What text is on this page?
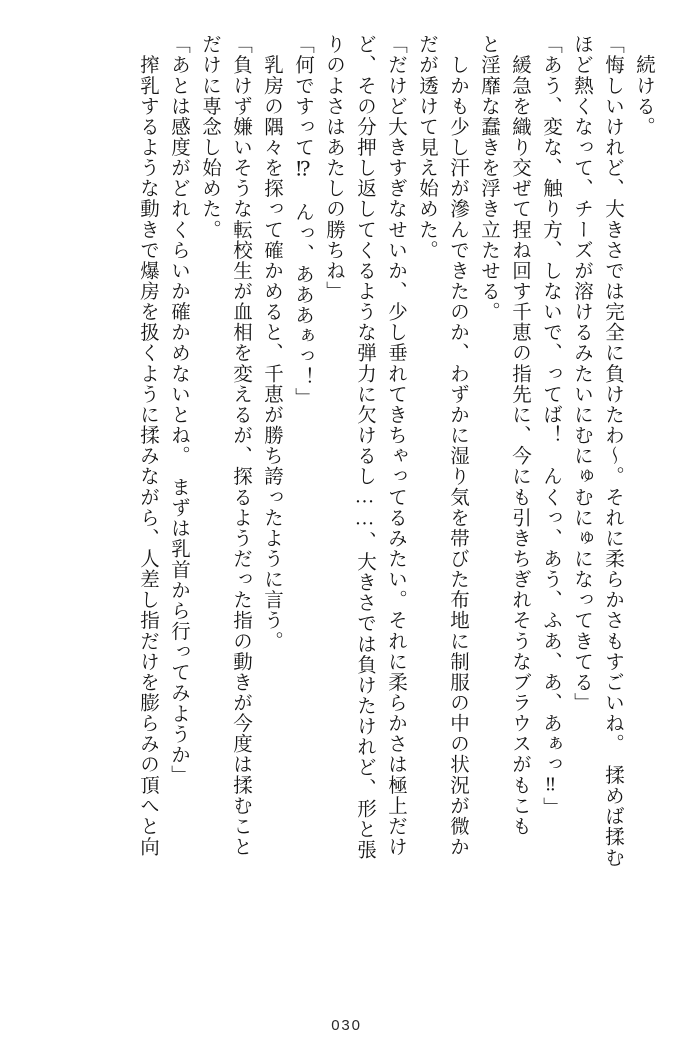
　続ける。
「悔しいけれど、大きさでは完全に負けたわ～。それに柔らかさもすごいね。　揉めば揉む
ほど熱くなって、チーズが溶けるみたいにむにゅむにゅになってきてる」
「あう、変な、触り方、しないで、ってば！　んくっ、あう、ふあ、あ、あぁっ‼」
　緩急を織り交ぜて捏ね回す千恵の指先に、今にも引きちぎれそうなブラウスがもこも
と淫靡な蠢きを浮き立たせる。
　しかも少し汗が滲んできたのか、わずかに湿り気を帯びた布地に制服の中の状況が微か
だが透けて見え始めた。
「だけど大きすぎなせいか、少し垂れてきちゃってるみたい。それに柔らかさは極上だけ
ど、その分押し返してくるような弾力に欠けるし……、大きさでは負けたけれど、形と張
りのよさはあたしの勝ちね」
「何ですって⁉　んっ、あああぁっ！」
　乳房の隅々を探って確かめると、千恵が勝ち誇ったように言う。
「負けず嫌いそうな転校生が血相を変えるが、探るようだった指の動きが今度は揉むこと
だけに専念し始めた。
「あとは感度がどれくらいか確かめないとね。　まずは乳首から行ってみようか」
　搾乳するような動きで爆房を扱くように揉みながら、人差し指だけを膨らみの頂へと向
030
